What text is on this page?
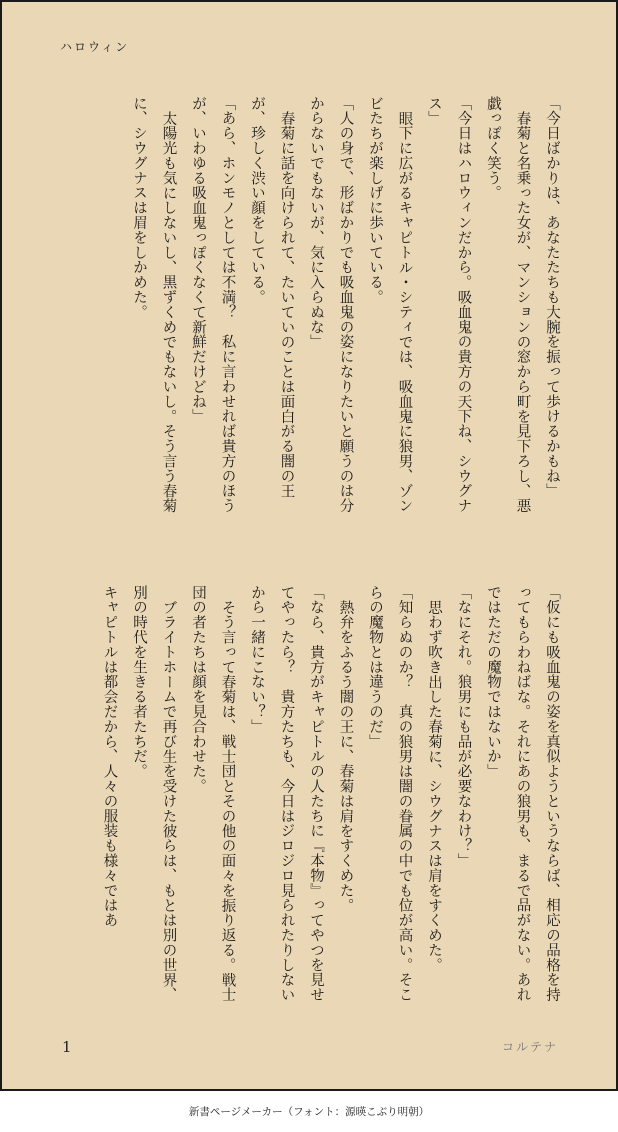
ハロウィン
「今日ばかりは、あなたたちも大腕を振って歩けるかもね」
春菊と名乗った女が、マンションの窓から町を見下ろし、悪戯っぽく笑う。
「今日はハロウィンだから。吸血鬼の貴方の天下ね、シウグナス」
眼下に広がるキャピトル・シティでは、吸血鬼に狼男、ゾンビたちが楽しげに歩いている。
「人の身で、形ばかりでも吸血鬼の姿になりたいと願うのは分からないでもないが、気に入らぬな」
春菊に話を向けられて、たいていのことは面白がる闇の王が、珍しく渋い顔をしている。
「あら、ホンモノとしては不満？　私に言わせれば貴方のほうが、いわゆる吸血鬼っぽくなくて新鮮だけどね」
太陽光も気にしないし、黒ずくめでもないし。そう言う春菊に、シウグナスは眉をしかめた。
「仮にも吸血鬼の姿を真似ようというならば、相応の品格を持ってもらわねばな。それにあの狼男も、まるで品がない。あれではただの魔物ではないか」
「なにそれ。狼男にも品が必要なわけ？」
思わず吹き出した春菊に、シウグナスは肩をすくめた。
「知らぬのか？　真の狼男は闇の眷属の中でも位が高い。そこらの魔物とは違うのだ」
熱弁をふるう闇の王に、春菊は肩をすくめた。
「なら、貴方がキャピトルの人たちに『本物』ってやつを見せてやったら？　貴方たちも、今日はジロジロ見られたりしないから一緒にこない？」
そう言って春菊は、戦士団とその他の面々を振り返る。戦士団の者たちは顔を見合わせた。
ブライトホームで再び生を受けた彼らは、もとは別の世界、別の時代を生きる者たちだ。
キャピトルは都会だから、人々の服装も様々ではあ
1	コルテナ
新書ページメーカー（フォント：源暎こぶり明朝）
